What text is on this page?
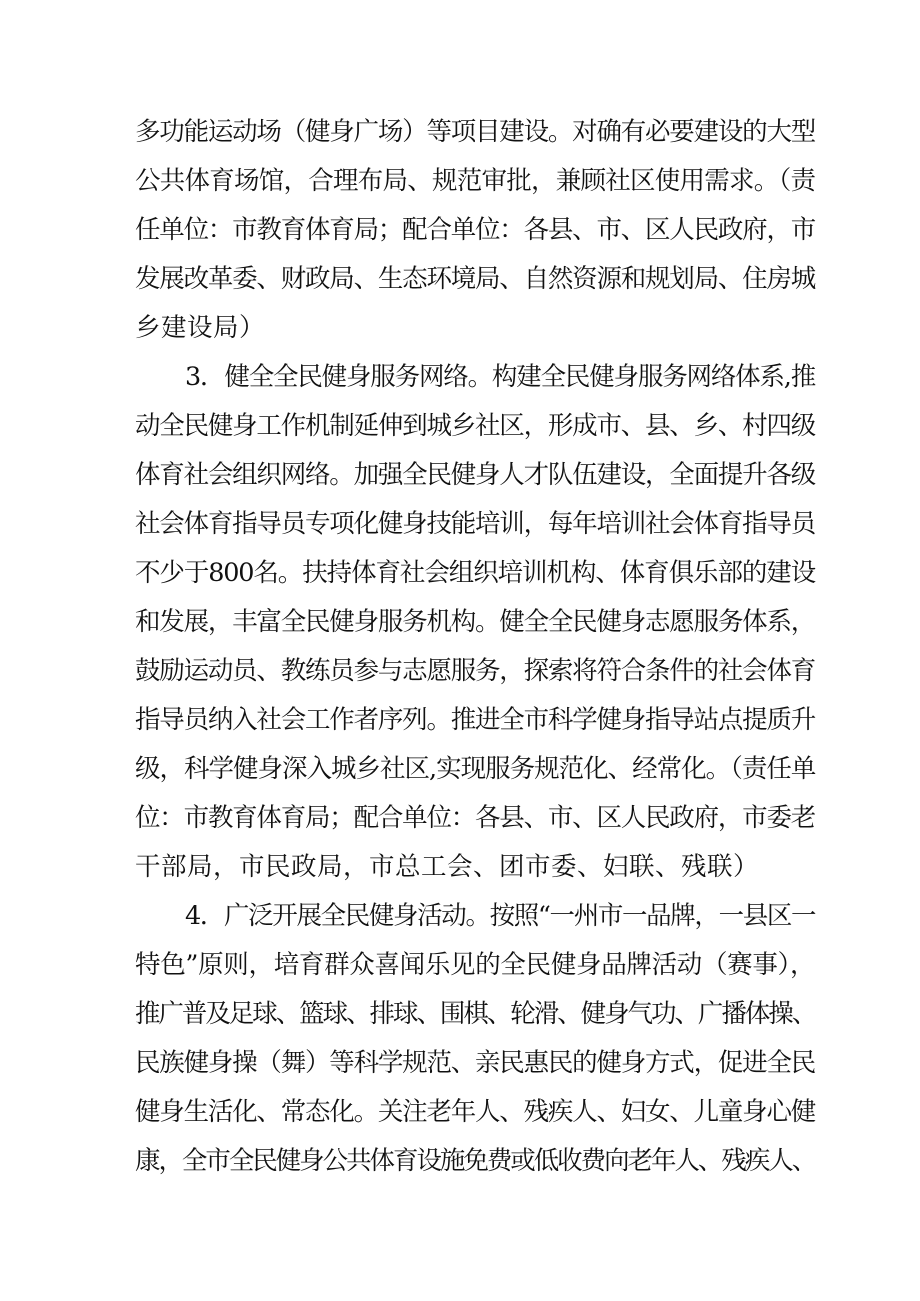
多功能运动场（健身广场）等项目建设。对确有必要建设的大型
公共体育场馆，合理布局、规范审批，兼顾社区使用需求。（责
任单位：市教育体育局；配合单位：各县、市、区人民政府，市
发展改革委、财政局、生态环境局、自然资源和规划局、住房城
乡建设局）
3．健全全民健身服务网络。构建全民健身服务网络体系,推
动全民健身工作机制延伸到城乡社区，形成市、县、乡、村四级
体育社会组织网络。加强全民健身人才队伍建设，全面提升各级
社会体育指导员专项化健身技能培训，每年培训社会体育指导员
不少于800名。扶持体育社会组织培训机构、体育俱乐部的建设
和发展，丰富全民健身服务机构。健全全民健身志愿服务体系，
鼓励运动员、教练员参与志愿服务，探索将符合条件的社会体育
指导员纳入社会工作者序列。推进全市科学健身指导站点提质升
级，科学健身深入城乡社区,实现服务规范化、经常化。（责任单
位：市教育体育局；配合单位：各县、市、区人民政府，市委老
干部局，市民政局，市总工会、团市委、妇联、残联）
4．广泛开展全民健身活动。按照“一州市一品牌，一县区一
特色”原则，培育群众喜闻乐见的全民健身品牌活动（赛事），
推广普及足球、篮球、排球、围棋、轮滑、健身气功、广播体操、
民族健身操（舞）等科学规范、亲民惠民的健身方式，促进全民
健身生活化、常态化。关注老年人、残疾人、妇女、儿童身心健
康，全市全民健身公共体育设施免费或低收费向老年人、残疾人、
